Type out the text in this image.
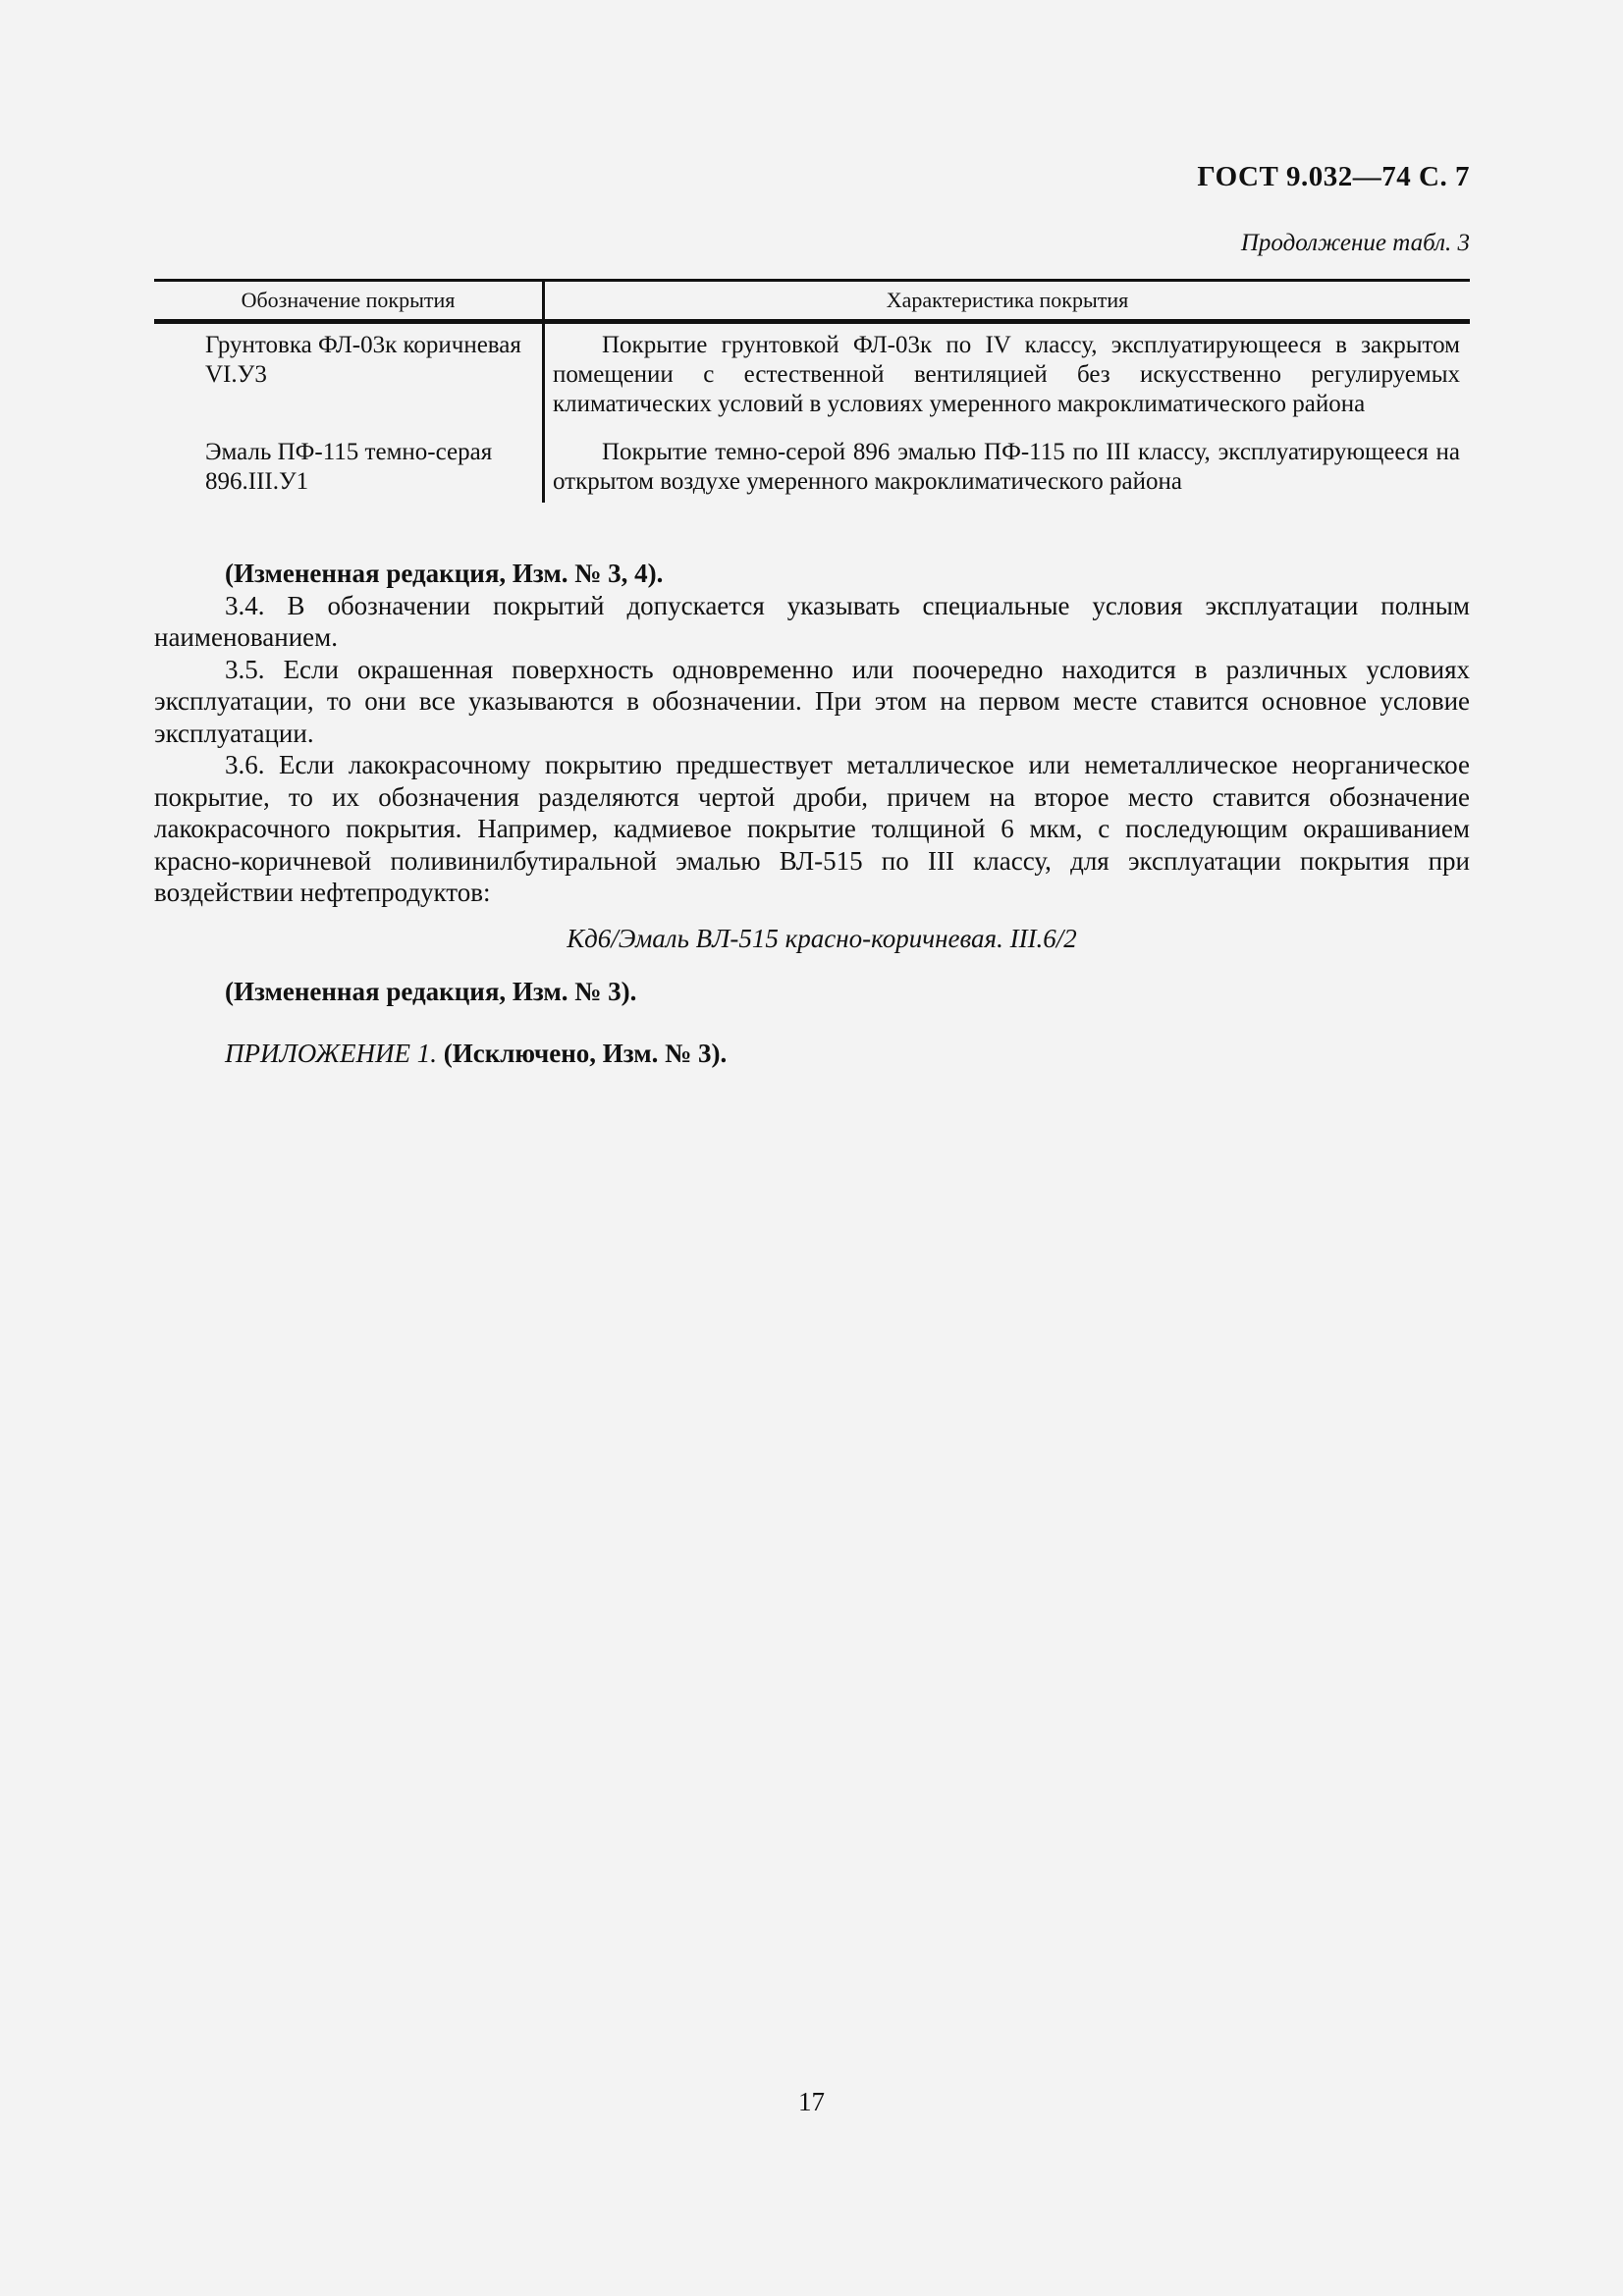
ГОСТ 9.032—74 С. 7
Продолжение табл. 3
Обозначение покрытия	Характеристика покрытия
Грунтовка ФЛ-03к коричневая VI.У3	Покрытие грунтовкой ФЛ-03к по IV классу, эксплуатирующееся в закрытом помещении с естественной вентиляцией без искусственно регулируемых климатических условий в условиях умеренного макроклиматического района
Эмаль ПФ-115 темно-серая 896.III.У1	Покрытие темно-серой 896 эмалью ПФ-115 по III классу, эксплуатирующееся на открытом воздухе умеренного макроклиматического района

(Измененная редакция, Изм. № 3, 4).

3.4. В обозначении покрытий допускается указывать специальные условия эксплуатации полным наименованием.

3.5. Если окрашенная поверхность одновременно или поочередно находится в различных условиях эксплуатации, то они все указываются в обозначении. При этом на первом месте ставится основное условие эксплуатации.

3.6. Если лакокрасочному покрытию предшествует металлическое или неметаллическое неорганическое покрытие, то их обозначения разделяются чертой дроби, причем на второе место ставится обозначение лакокрасочного покрытия. Например, кадмиевое покрытие толщиной 6 мкм, с последующим окрашиванием красно-коричневой поливинилбутиральной эмалью ВЛ-515 по III классу, для эксплуатации покрытия при воздействии нефтепродуктов:

Кд6/Эмаль ВЛ-515 красно-коричневая. III.6/2

(Измененная редакция, Изм. № 3).

ПРИЛОЖЕНИЕ 1. (Исключено, Изм. № 3).

17
